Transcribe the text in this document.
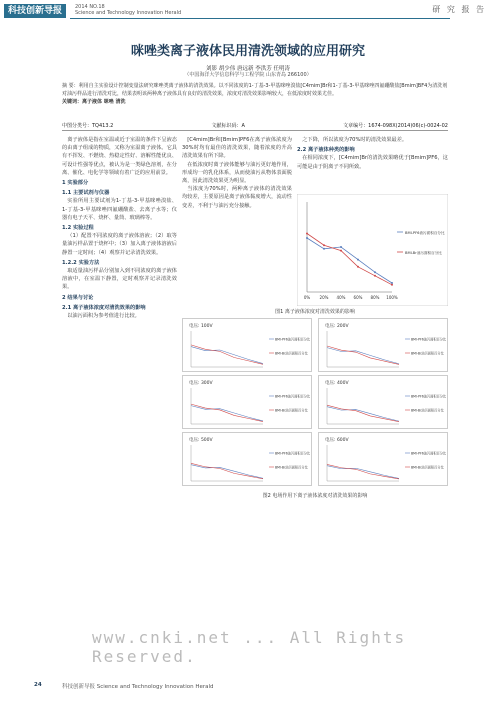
科技创新导报	2014 NO.18
Science and Technology Innovation Herald	研 究 报 告
咪唑类离子液体民用清洗领域的应用研究
刘影 胡少伟 唐远新 李洪芳 任明涛
（中国海洋大学信息科学与工程学院 山东青岛 266100）
摘 要：利用自主实验设计控制变量法研究咪唑类离子液体的清洗效果。以不同浓度的1-丁基-3-甲基咪唑溴盐[C4mim]Br和1-丁基-3-甲基咪唑四氟硼酸盐[Bmim]BF4为清洗剂对油污样品进行清洗对比，结果表明该两种离子液体具有良好的清洗效果，浓度对清洗效果影响较大，在低浓度时效果尤佳。
关键词：离子液体 咪唑 清洗
中图分类号：TQ413.2	文献标识码：A	文章编号：1674-098X(2014)06(c)-0024-02

离子液体是指在室温或近于室温的条件下呈液态的由离子组成的物质，又称为室温离子液体。它具有不挥发、不燃烧、热稳定性好、溶解性能优良、可设计性强等优点，被认为是一类绿色溶剂，在分离、催化、电化学等领域有着广泛的应用前景。

1 实验部分
1.1 主要试剂与仪器

实验所用主要试剂为1-丁基-3-甲基咪唑溴盐、1-丁基-3-甲基咪唑四氟硼酸盐、去离子水等；仪器有电子天平、烧杯、量筒、玻璃棒等。

1.2 实验过程

（1）配置不同浓度的离子液体溶液；（2）取等量油污样品置于烧杯中；（3）加入离子液体溶液后静置一定时间；（4）观察并记录清洗效果。

1.2.2 实验方法

取适量油污样品分别加入到不同浓度的离子液体溶液中，在室温下静置，定时观察并记录清洗效果。

2 结果与讨论
2.1 离子液体浓度对清洗效果的影响

以油污面积为参考值进行比较。

[C4mim]Br和[Bmim]PF6在离子液体浓度为30%时均有最佳的清洗效果，随着浓度的升高清洗效果有所下降。

在低浓度时离子液体能够与油污更好地作用，形成均一的乳化体系，从而使油污从物体表面脱离，因此清洗效果更为明显。

当浓度为70%时，两种离子液体的清洗效果均较差，主要原因是离子液体黏度增大，流动性变差，不利于与油污充分接触。

之下降，所以浓度为70%时的清洗效果最差。

2.2 离子液体种类的影响

在相同浓度下，[C4mim]Br的清洗效果略优于[Bmim]PF6，这可能是由于阴离子不同所致。

0% 20% 40% 60% 80% 100%
BMI-PF6油污面积百分比
BMI-Br油污面积百分比
图1 离子液体浓度对清洗效果的影响
电压: 100V
BMI-PF6油污面积百分比
BMI-Br油污面积百分比
电压: 200V
BMI-PF6油污面积百分比
BMI-Br油污面积百分比
电压: 300V
BMI-PF6油污面积百分比
BMI-Br油污面积百分比
电压: 400V
BMI-PF6油污面积百分比
BMI-Br油污面积百分比
电压: 500V
BMI-PF6油污面积百分比
BMI-Br油污面积百分比
电压: 600V
BMI-PF6油污面积百分比
BMI-Br油污面积百分比
图2 电场作用下离子液体浓度对清洗效果的影响
www.cnki.net ... All Rights Reserved.
24	科技创新导报 Science and Technology Innovation Herald
